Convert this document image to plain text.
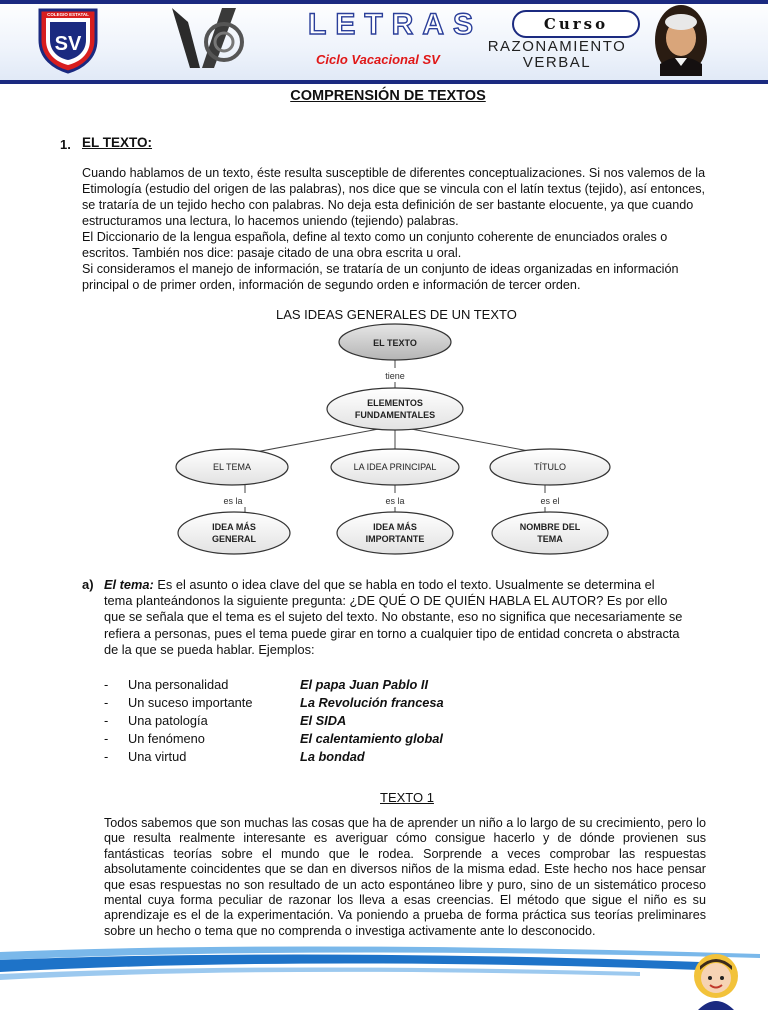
SV
COLEGIO ESTATAL	LETRAS
Ciclo Vacacional SV
Curso
RAZONAMIENTO
VERBAL
COMPRENSIÓN DE TEXTOS
1. EL TEXTO:
Cuando hablamos de un texto, éste resulta susceptible de diferentes conceptualizaciones. Si nos valemos de la Etimología (estudio del origen de las palabras), nos dice que se vincula con el latín textus (tejido), así entonces, se trataría de un tejido hecho con palabras. No deja esta definición de ser bastante elocuente, ya que cuando estructuramos una lectura, lo hacemos uniendo (tejiendo) palabras.
El Diccionario de la lengua española, define al texto como un conjunto coherente de enunciados orales o escritos. También nos dice: pasaje citado de una obra escrita u oral.
Si consideramos el manejo de información, se trataría de un conjunto de ideas organizadas en información principal o de primer orden, información de segundo orden e información de tercer orden.
LAS IDEAS GENERALES DE UN TEXTO
EL TEXTO
tiene
ELEMENTOS
FUNDAMENTALES
EL TEMA	LA IDEA PRINCIPAL	TÍTULO
es la	es la	es el
IDEA MÁS
GENERAL
IDEA MÁS
IMPORTANTE
NOMBRE DEL
TEMA
a) El tema: Es el asunto o idea clave del que se habla en todo el texto. Usualmente se determina el tema planteándonos la siguiente pregunta: ¿DE QUÉ O DE QUIÉN HABLA EL AUTOR? Es por ello que se señala que el tema es el sujeto del texto. No obstante, eso no significa que necesariamente se refiera a personas, pues el tema puede girar en torno a cualquier tipo de entidad concreta o abstracta de la que se pueda hablar. Ejemplos:
- Una personalidad	El papa Juan Pablo II
- Un suceso importante	La Revolución francesa
- Una patología	El SIDA
- Un fenómeno	El calentamiento global
- Una virtud	La bondad
TEXTO 1
Todos sabemos que son muchas las cosas que ha de aprender un niño a lo largo de su crecimiento, pero lo que resulta realmente interesante es averiguar cómo consigue hacerlo y de dónde provienen sus fantásticas teorías sobre el mundo que le rodea. Sorprende a veces comprobar las respuestas absolutamente coincidentes que se dan en diversos niños de la misma edad. Este hecho nos hace pensar que esas respuestas no son resultado de un acto espontáneo libre y puro, sino de un sistemático proceso mental cuya forma peculiar de razonar los lleva a esas creencias. El método que sigue el niño es su aprendizaje es el de la experimentación. Va poniendo a prueba de forma práctica sus teorías preliminares sobre un hecho o tema que no comprenda o investiga activamente ante lo desconocido.
